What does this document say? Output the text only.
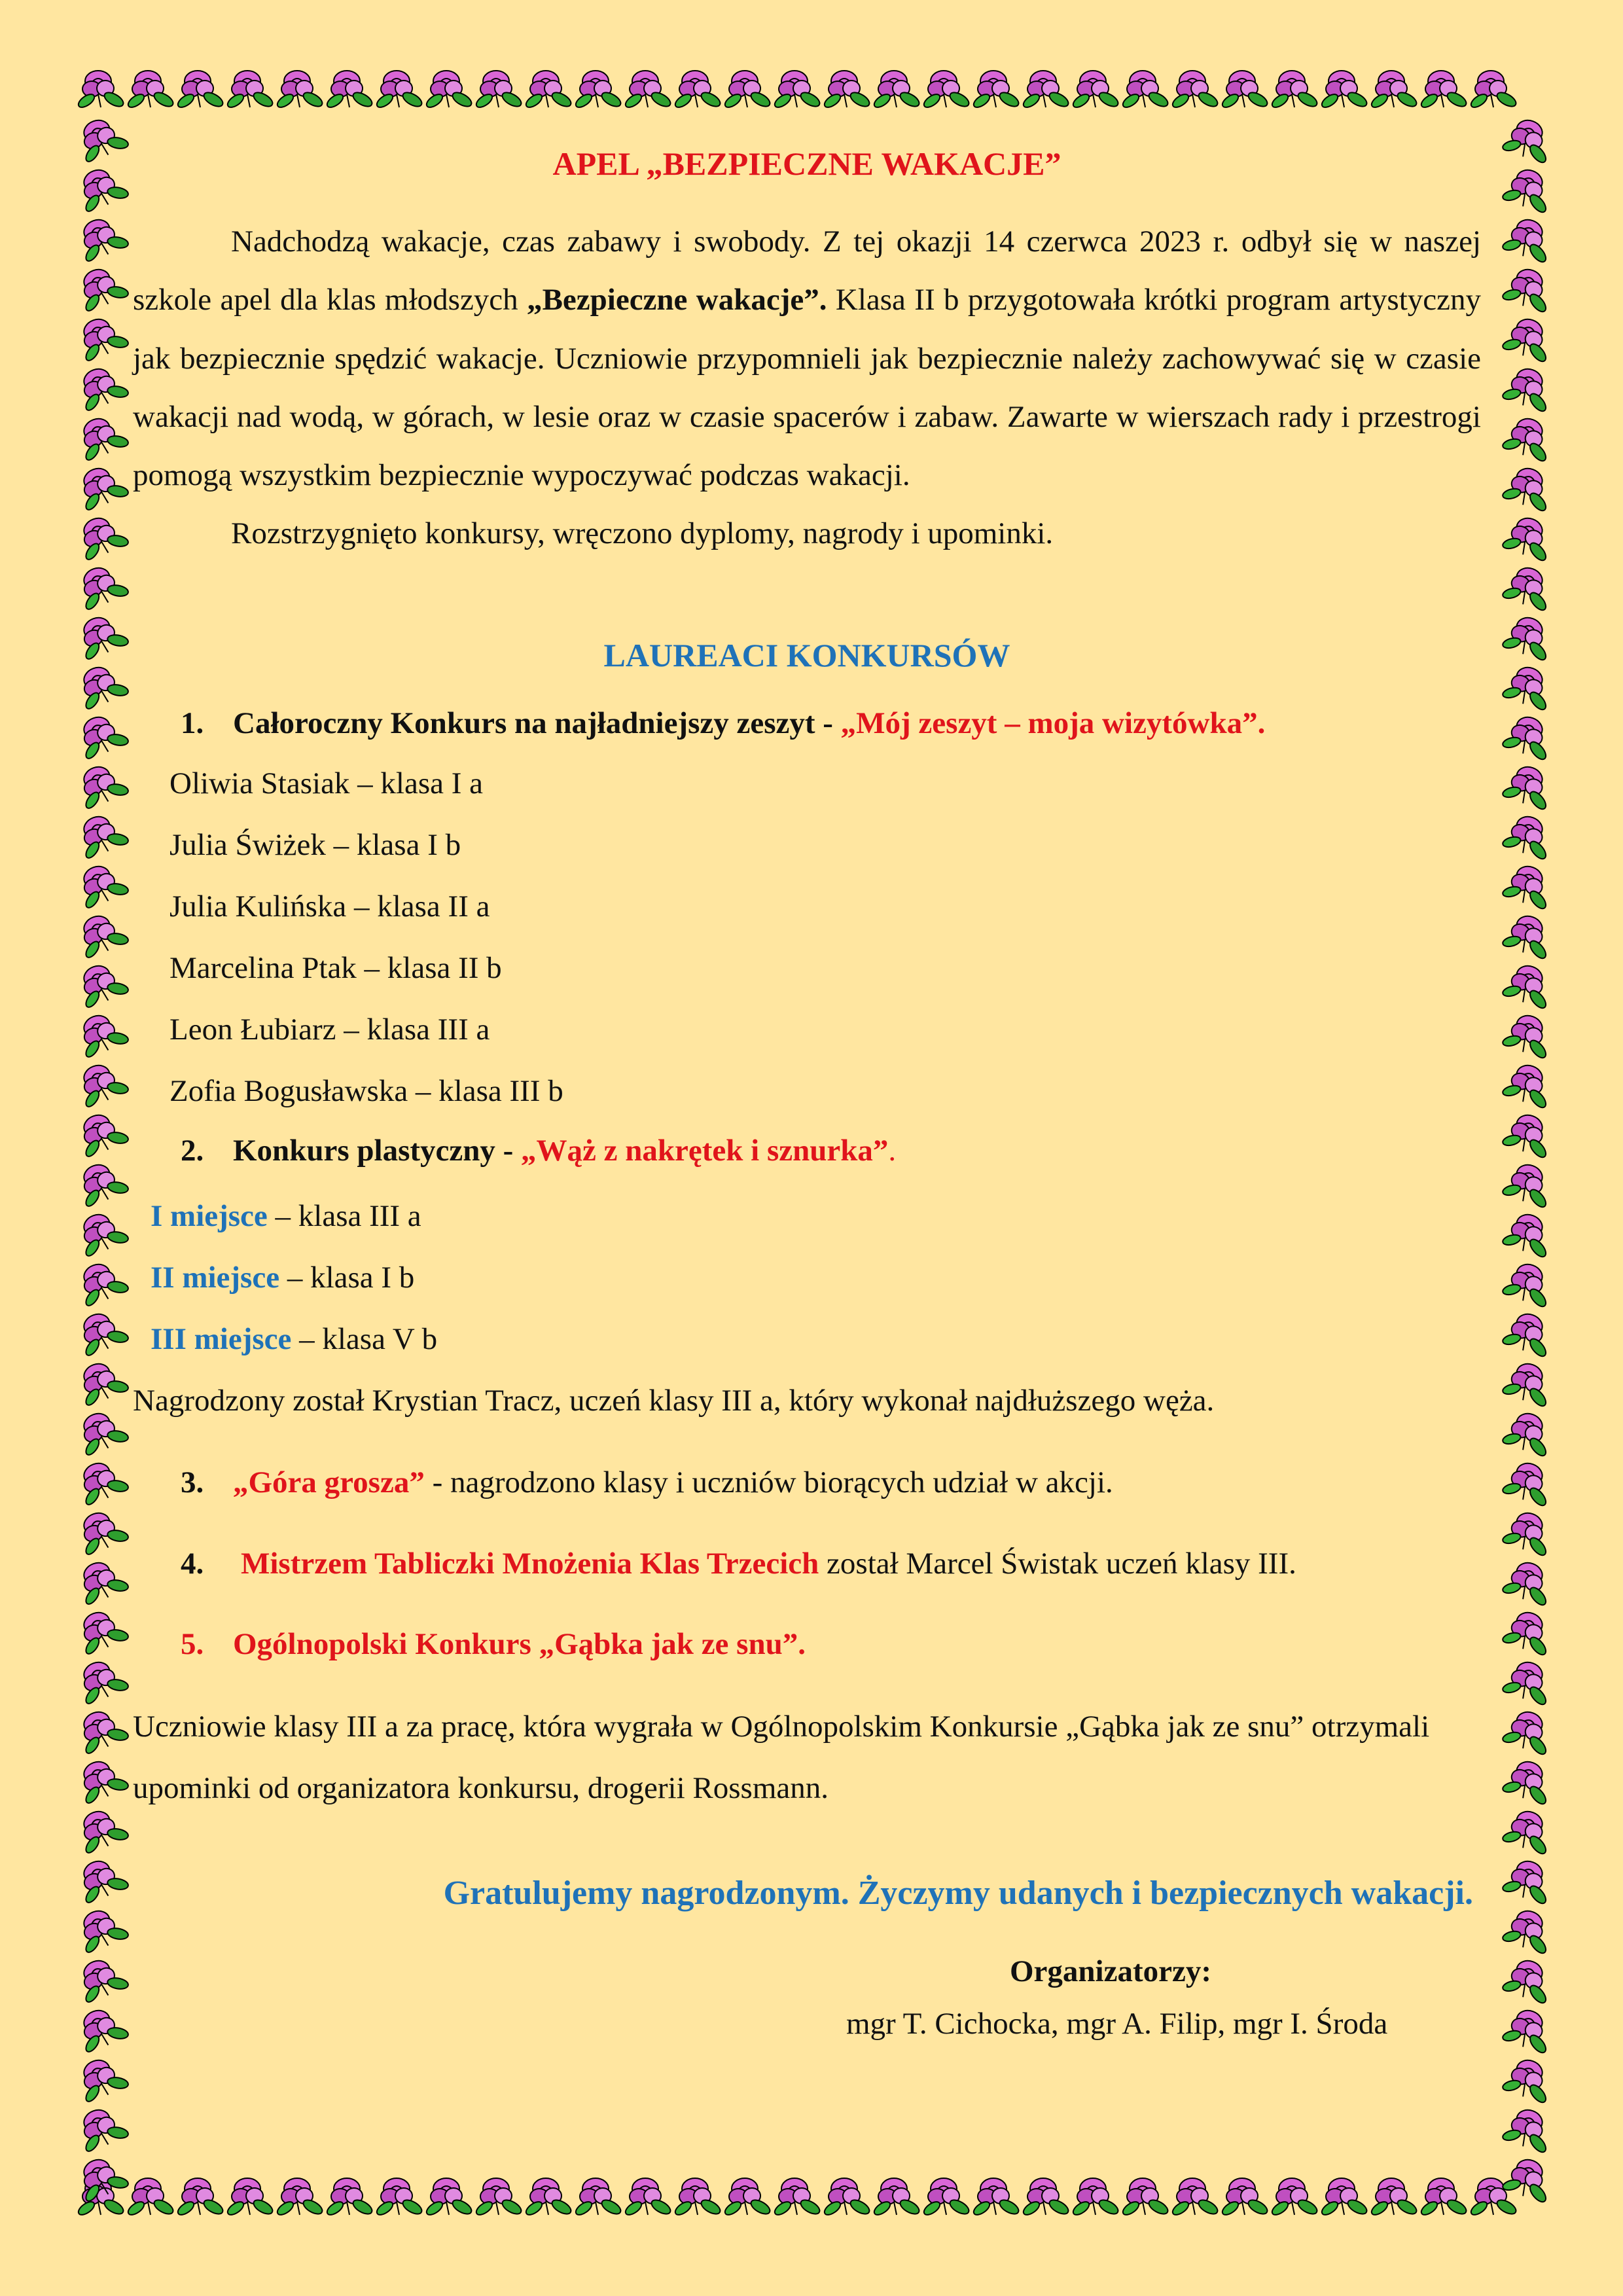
APEL „BEZPIECZNE WAKACJE”

Nadchodzą wakacje, czas zabawy i swobody. Z tej okazji 14 czerwca 2023 r. odbył się w naszej szkole apel dla klas młodszych „Bezpieczne wakacje”. Klasa II b przygotowała krótki program artystyczny jak bezpiecznie spędzić wakacje. Uczniowie przypomnieli jak bezpiecznie należy zachowywać się w czasie wakacji nad wodą, w górach, w lesie oraz w czasie spacerów i zabaw. Zawarte w wierszach rady i przestrogi pomogą wszystkim bezpiecznie wypoczywać podczas wakacji.

Rozstrzygnięto konkursy, wręczono dyplomy, nagrody i upominki.

LAUREACI KONKURSÓW

1. Całoroczny Konkurs na najładniejszy zeszyt - „Mój zeszyt – moja wizytówka”.

Oliwia Stasiak – klasa I a

Julia Świżek – klasa I b

Julia Kulińska – klasa II a

Marcelina Ptak – klasa II b

Leon Łubiarz – klasa III a

Zofia Bogusławska – klasa III b

2. Konkurs plastyczny - „Wąż z nakrętek i sznurka”.

I miejsce – klasa III a

II miejsce – klasa I b

III miejsce – klasa V b

Nagrodzony został Krystian Tracz, uczeń klasy III a, który wykonał najdłuższego węża.

3. „Góra grosza” - nagrodzono klasy i uczniów biorących udział w akcji.

4. Mistrzem Tabliczki Mnożenia Klas Trzecich został Marcel Świstak uczeń klasy III.

5. Ogólnopolski Konkurs „Gąbka jak ze snu”.

Uczniowie klasy III a za pracę, która wygrała w Ogólnopolskim Konkursie „Gąbka jak ze snu” otrzymali upominki od organizatora konkursu, drogerii Rossmann.

Gratulujemy nagrodzonym. Życzymy udanych i bezpiecznych wakacji.

Organizatorzy:

mgr T. Cichocka, mgr A. Filip, mgr I. Środa
